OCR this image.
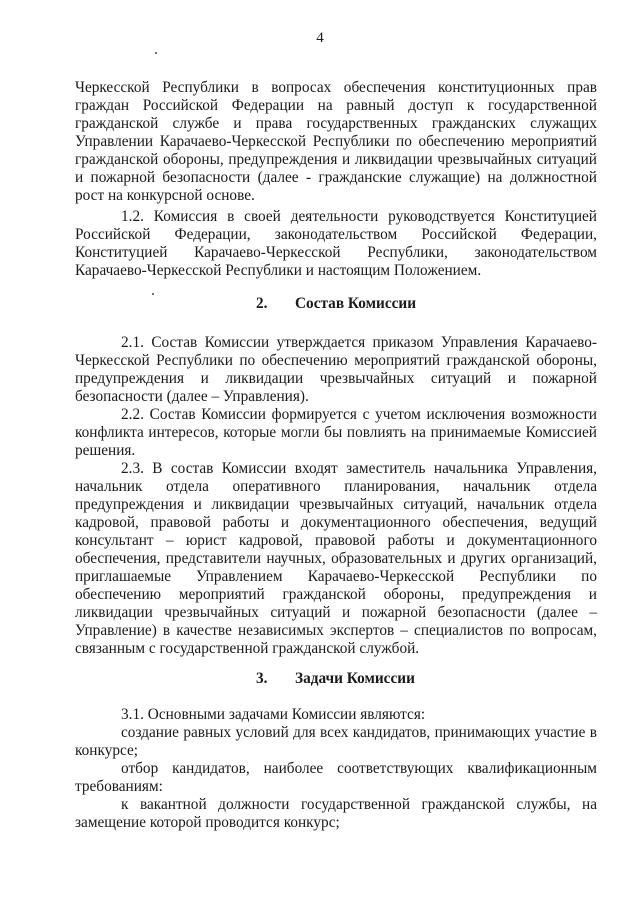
4
Черкесской Республики в вопросах обеспечения конституционных прав
граждан Российской Федерации на равный доступ к государственной
гражданской службе и права государственных гражданских служащих
Управлении Карачаево-Черкесской Республики по обеспечению мероприятий
гражданской обороны, предупреждения и ликвидации чрезвычайных ситуаций
и пожарной безопасности (далее - гражданские служащие) на должностной
рост на конкурсной основе.
1.2. Комиссия в своей деятельности руководствуется Конституцией
Российской Федерации, законодательством Российской Федерации,
Конституцией Карачаево-Черкесской Республики, законодательством
Карачаево-Черкесской Республики и настоящим Положением.
2. Состав Комиссии
2.1. Состав Комиссии утверждается приказом Управления Карачаево-
Черкесской Республики по обеспечению мероприятий гражданской обороны,
предупреждения и ликвидации чрезвычайных ситуаций и пожарной
безопасности (далее – Управления).
2.2. Состав Комиссии формируется с учетом исключения возможности
конфликта интересов, которые могли бы повлиять на принимаемые Комиссией
решения.
2.3. В состав Комиссии входят заместитель начальника Управления,
начальник отдела оперативного планирования, начальник отдела
предупреждения и ликвидации чрезвычайных ситуаций, начальник отдела
кадровой, правовой работы и документационного обеспечения, ведущий
консультант – юрист кадровой, правовой работы и документационного
обеспечения, представители научных, образовательных и других организаций,
приглашаемые Управлением Карачаево-Черкесской Республики по
обеспечению мероприятий гражданской обороны, предупреждения и
ликвидации чрезвычайных ситуаций и пожарной безопасности (далее –
Управление) в качестве независимых экспертов – специалистов по вопросам,
связанным с государственной гражданской службой.
3. Задачи Комиссии
3.1. Основными задачами Комиссии являются:
создание равных условий для всех кандидатов, принимающих участие в
конкурсе;
отбор кандидатов, наиболее соответствующих квалификационным
требованиям:
к вакантной должности государственной гражданской службы, на
замещение которой проводится конкурс;
